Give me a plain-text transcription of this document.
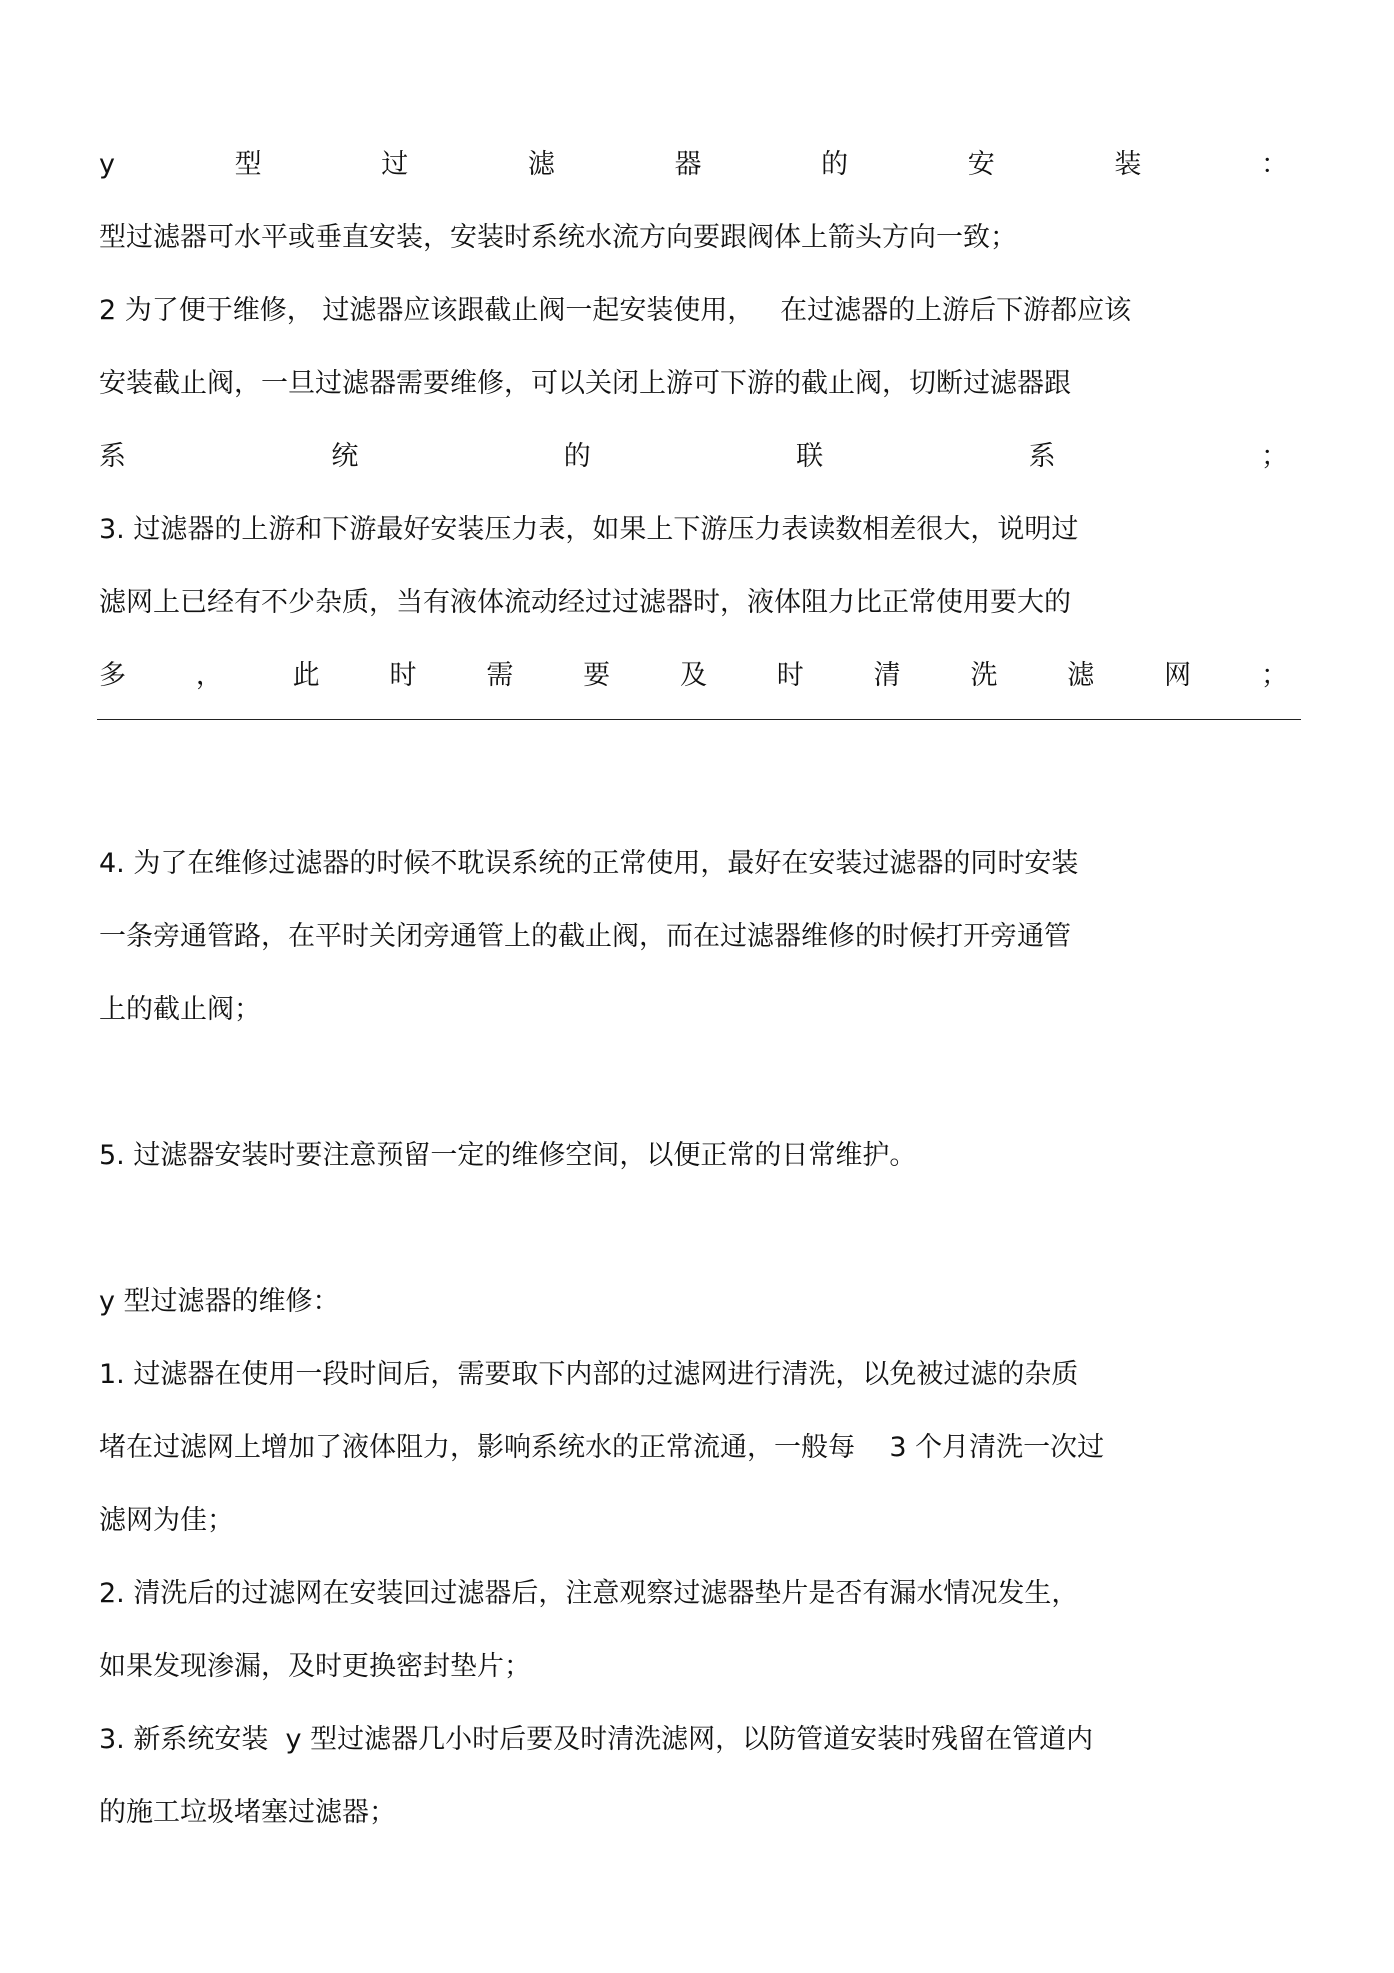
y	型	过	滤	器	的	安	装	：
型过滤器可水平或垂直安装，安装时系统水流方向要跟阀体上箭头方向一致；
2 为了便于维修， 过滤器应该跟截止阀一起安装使用，   在过滤器的上游后下游都应该
安装截止阀，一旦过滤器需要维修，可以关闭上游可下游的截止阀，切断过滤器跟
系	统	的	联	系	；
3. 过滤器的上游和下游最好安装压力表，如果上下游压力表读数相差很大，说明过
滤网上已经有不少杂质，当有液体流动经过过滤器时，液体阻力比正常使用要大的
多	，	此	时	需	要	及	时	清	洗	滤	网	；
4. 为了在维修过滤器的时候不耽误系统的正常使用，最好在安装过滤器的同时安装
一条旁通管路，在平时关闭旁通管上的截止阀，而在过滤器维修的时候打开旁通管
上的截止阀；
5. 过滤器安装时要注意预留一定的维修空间，以便正常的日常维护。
y 型过滤器的维修：
1. 过滤器在使用一段时间后，需要取下内部的过滤网进行清洗，以免被过滤的杂质
堵在过滤网上增加了液体阻力，影响系统水的正常流通，一般每    3 个月清洗一次过
滤网为佳；
2. 清洗后的过滤网在安装回过滤器后，注意观察过滤器垫片是否有漏水情况发生，
如果发现渗漏，及时更换密封垫片；
3. 新系统安装  y 型过滤器几小时后要及时清洗滤网，以防管道安装时残留在管道内
的施工垃圾堵塞过滤器；
